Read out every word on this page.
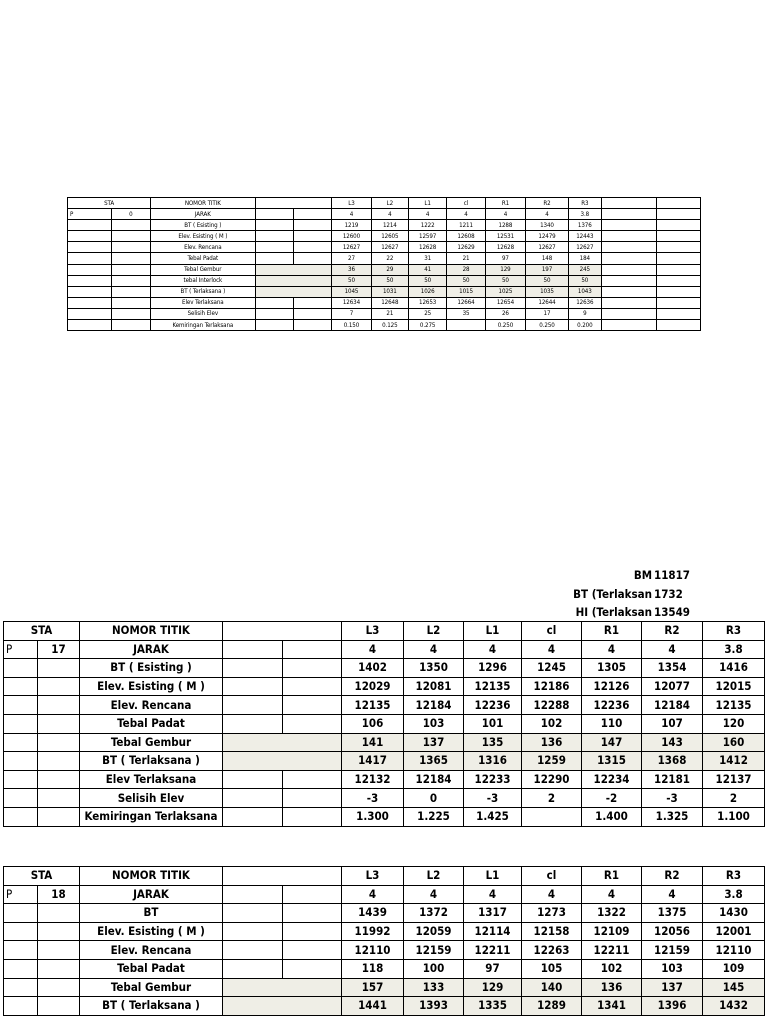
STA		NOMOR TITIK			L3	L2	L1	cl	R1	R2	R3		
P	0	JARAK			4	4	4	4	4	4	3.8		
		BT ( Esisting )			1219	1214	1222	1211	1288	1340	1376		
		Elev. Esisting ( M )			12600	12605	12597	12608	12531	12479	12443		
		Elev. Rencana			12627	12627	12628	12629	12628	12627	12627		
		Tebal Padat			27	22	31	21	97	148	184		
		Tebal Gembur			36	29	41	28	129	197	245		
		tebal Interlock			50	50	50	50	50	50	50		
		BT ( Terlaksana )			1045	1031	1026	1015	1025	1035	1043		
		Elev Terlaksana			12634	12648	12653	12664	12654	12644	12636		
		Selisih Elev			7	21	25	35	26	17	9		
		Kemiringan Terlaksana			0.150	0.125	0.275		0.250	0.250	0.200		
BM 11817
BT (Terlaksan 1732
HI (Terlaksan 13549
STA		NOMOR TITIK			L3	L2	L1	cl	R1	R2	R3
P	17	JARAK			4	4	4	4	4	4	3.8
		BT ( Esisting )			1402	1350	1296	1245	1305	1354	1416
		Elev. Esisting ( M )			12029	12081	12135	12186	12126	12077	12015
		Elev. Rencana			12135	12184	12236	12288	12236	12184	12135
		Tebal Padat			106	103	101	102	110	107	120
		Tebal Gembur			141	137	135	136	147	143	160
		BT ( Terlaksana )			1417	1365	1316	1259	1315	1368	1412
		Elev Terlaksana			12132	12184	12233	12290	12234	12181	12137
		Selisih Elev			-3	0	-3	2	-2	-3	2
		Kemiringan Terlaksana			1.300	1.225	1.425		1.400	1.325	1.100
STA		NOMOR TITIK			L3	L2	L1	cl	R1	R2	R3
P	18	JARAK			4	4	4	4	4	4	3.8
		BT			1439	1372	1317	1273	1322	1375	1430
		Elev. Esisting ( M )			11992	12059	12114	12158	12109	12056	12001
		Elev. Rencana			12110	12159	12211	12263	12211	12159	12110
		Tebal Padat			118	100	97	105	102	103	109
		Tebal Gembur			157	133	129	140	136	137	145
		BT ( Terlaksana )			1441	1393	1335	1289	1341	1396	1432
